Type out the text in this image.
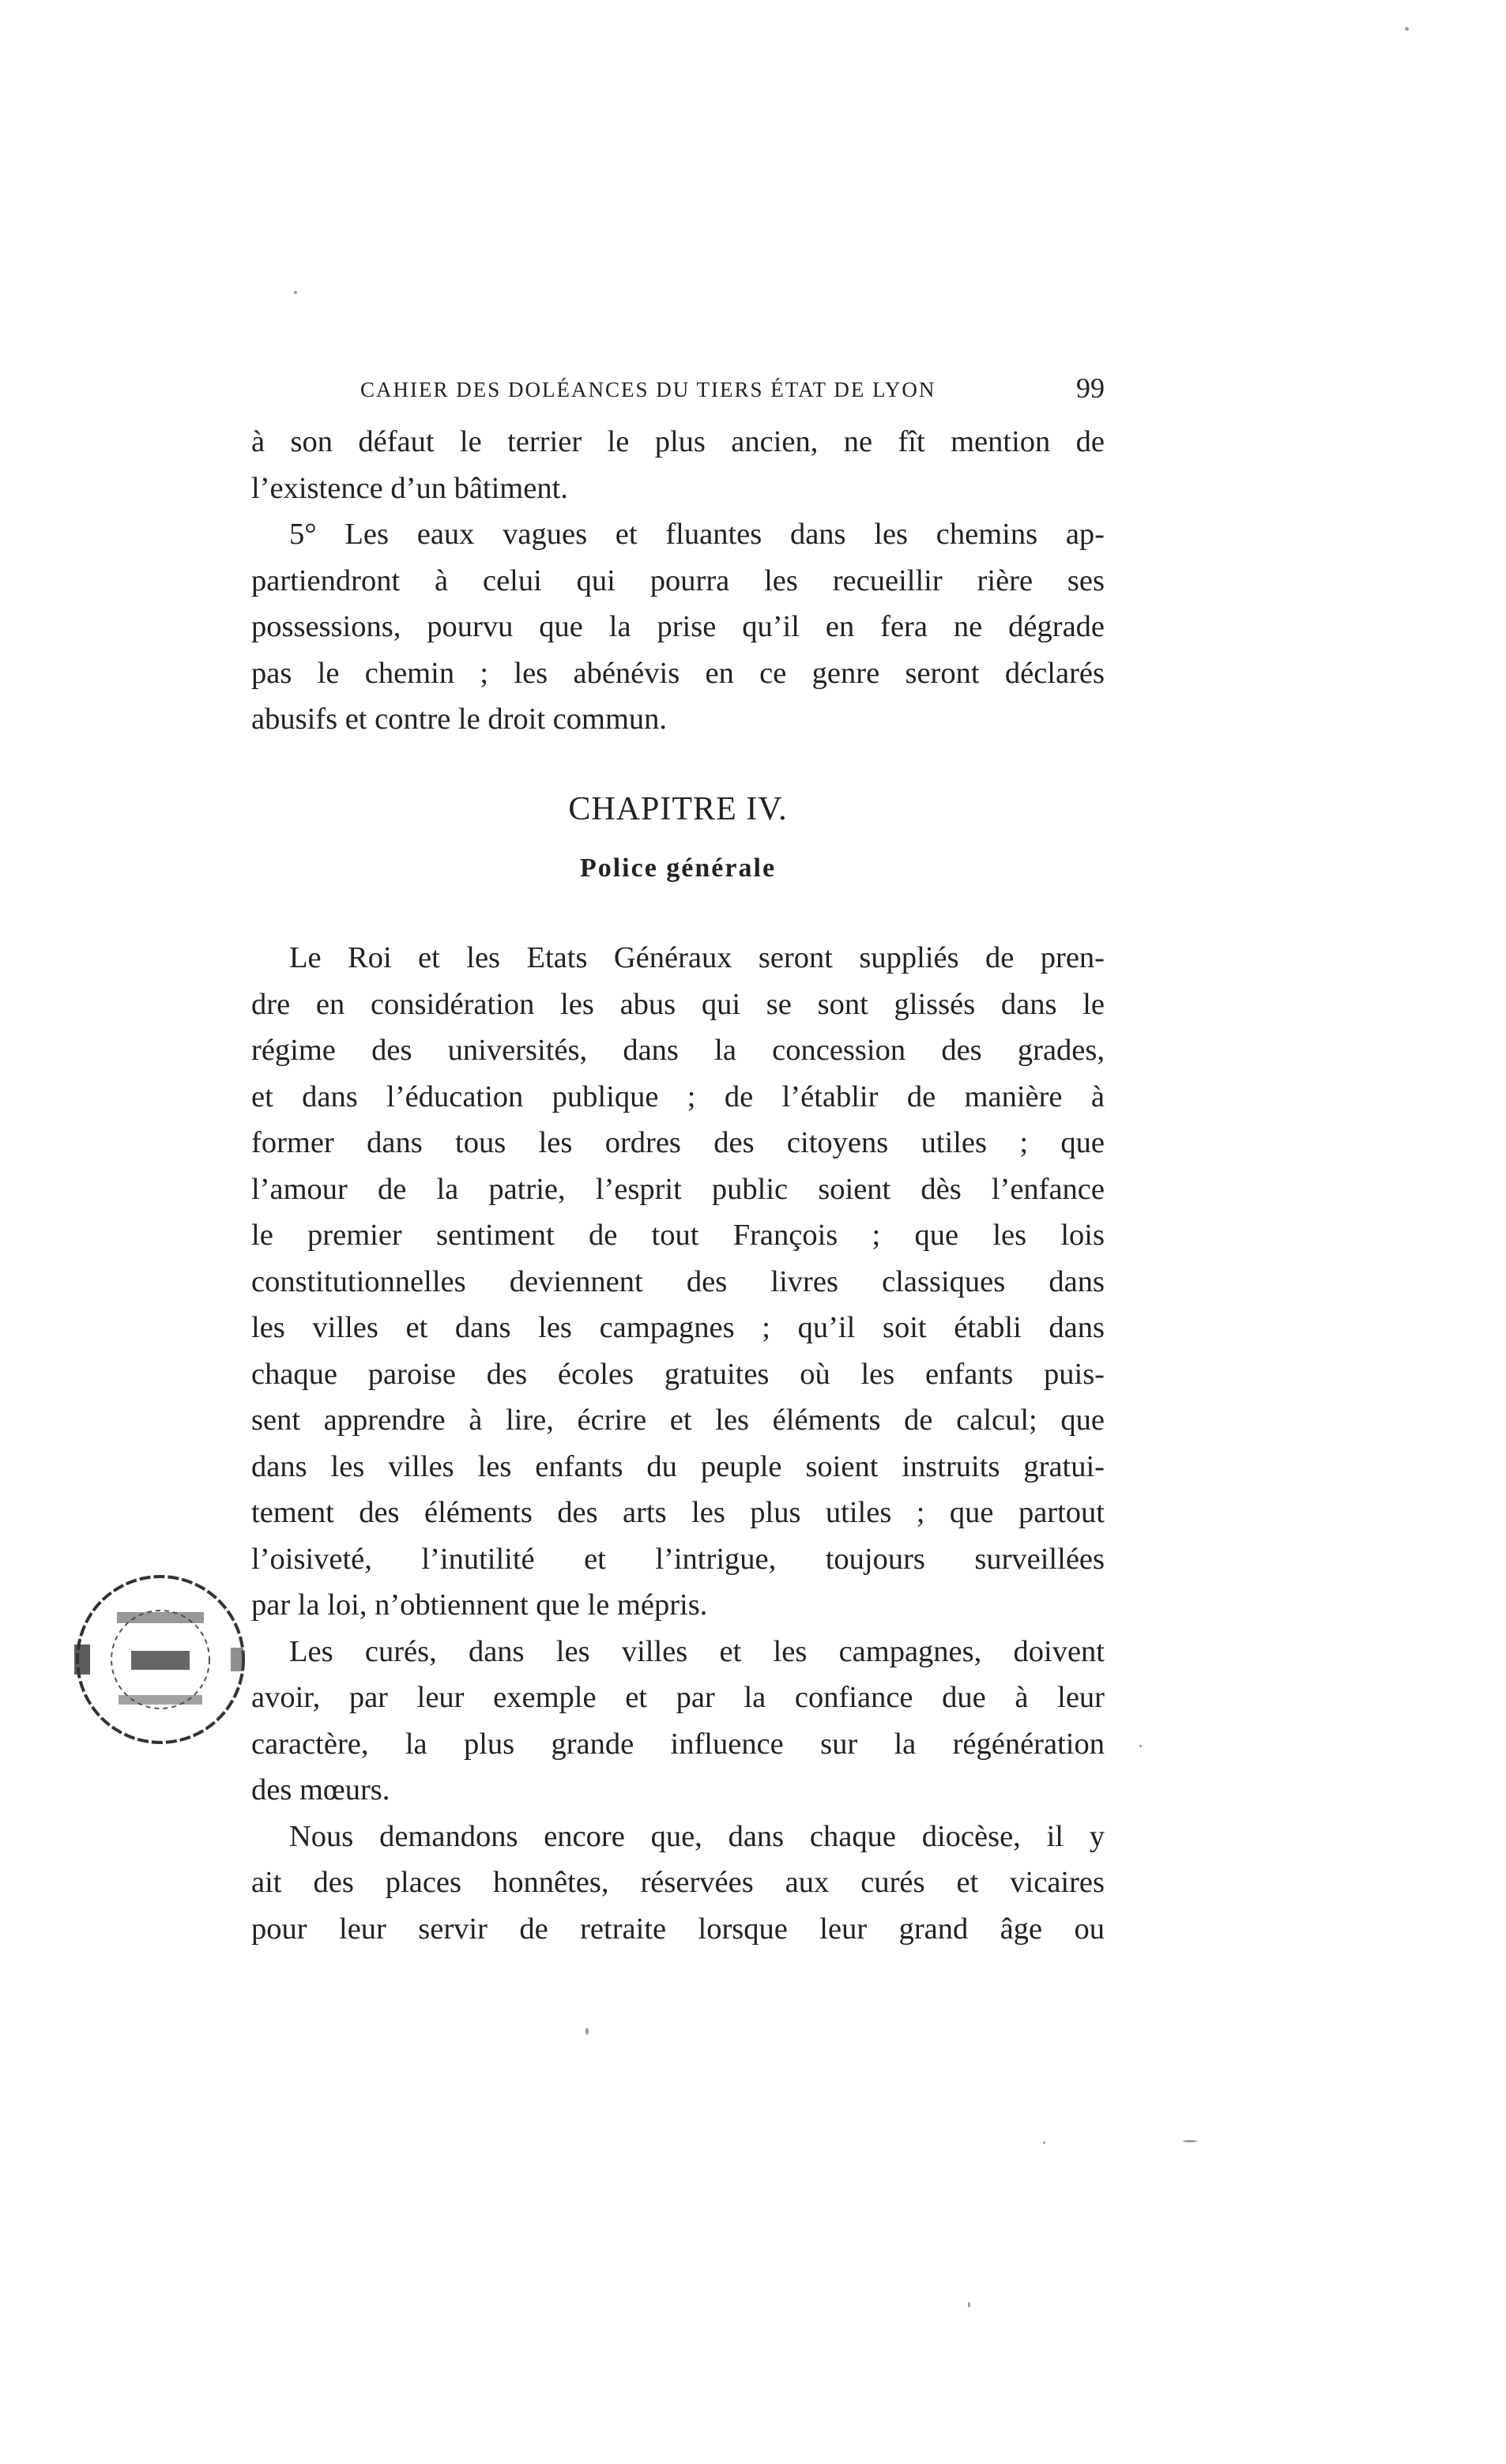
CAHIER DES DOLÉANCES DU TIERS ÉTAT DE LYON	99
à son défaut le terrier le plus ancien, ne fît mention de
l’existence d’un bâtiment.
5° Les eaux vagues et fluantes dans les chemins ap-
partiendront à celui qui pourra les recueillir rière ses
possessions, pourvu que la prise qu’il en fera ne dégrade
pas le chemin ; les abénévis en ce genre seront déclarés
abusifs et contre le droit commun.
CHAPITRE IV.
Police générale
Le Roi et les Etats Généraux seront suppliés de pren-
dre en considération les abus qui se sont glissés dans le
régime des universités, dans la concession des grades,
et dans l’éducation publique ; de l’établir de manière à
former dans tous les ordres des citoyens utiles ; que
l’amour de la patrie, l’esprit public soient dès l’enfance
le premier sentiment de tout François ; que les lois
constitutionnelles deviennent des livres classiques dans
les villes et dans les campagnes ; qu’il soit établi dans
chaque paroise des écoles gratuites où les enfants puis-
sent apprendre à lire, écrire et les éléments de calcul; que
dans les villes les enfants du peuple soient instruits gratui-
tement des éléments des arts les plus utiles ; que partout
l’oisiveté, l’inutilité et l’intrigue, toujours surveillées
par la loi, n’obtiennent que le mépris.
Les curés, dans les villes et les campagnes, doivent
avoir, par leur exemple et par la confiance due à leur
caractère, la plus grande influence sur la régénération
des mœurs.
Nous demandons encore que, dans chaque diocèse, il y
ait des places honnêtes, réservées aux curés et vicaires
pour leur servir de retraite lorsque leur grand âge ou
